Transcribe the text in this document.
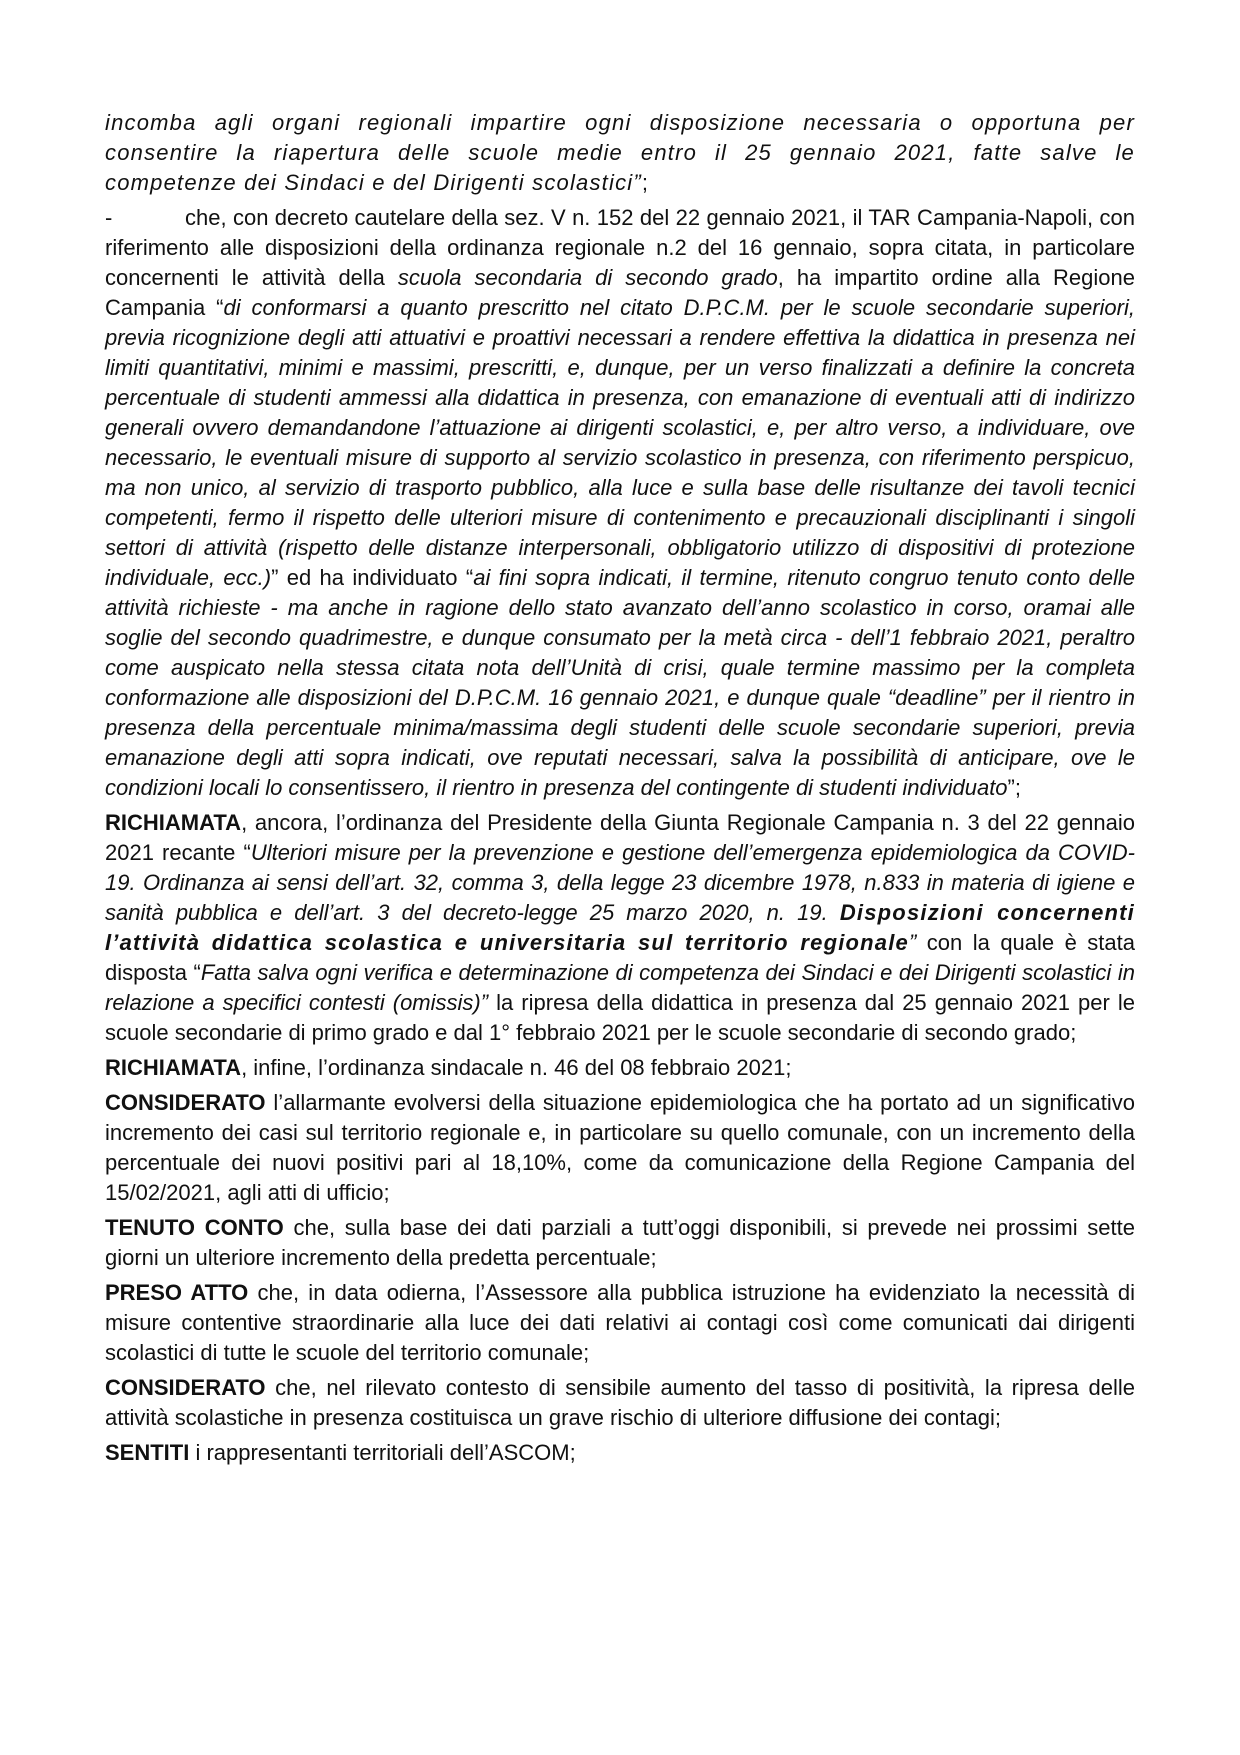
incomba agli organi regionali impartire ogni disposizione necessaria o opportuna per consentire la riapertura delle scuole medie entro il 25 gennaio 2021, fatte salve le competenze dei Sindaci e del Dirigenti scolastici”;

-	che, con decreto cautelare della sez. V n. 152 del 22 gennaio 2021, il TAR Campania-Napoli, con riferimento alle disposizioni della ordinanza regionale n.2 del 16 gennaio, sopra citata, in particolare concernenti le attività della scuola secondaria di secondo grado, ha impartito ordine alla Regione Campania “di conformarsi a quanto prescritto nel citato D.P.C.M. per le scuole secondarie superiori, previa ricognizione degli atti attuativi e proattivi necessari a rendere effettiva la didattica in presenza nei limiti quantitativi, minimi e massimi, prescritti, e, dunque, per un verso finalizzati a definire la concreta percentuale di studenti ammessi alla didattica in presenza, con emanazione di eventuali atti di indirizzo generali ovvero demandandone l’attuazione ai dirigenti scolastici, e, per altro verso, a individuare, ove necessario, le eventuali misure di supporto al servizio scolastico in presenza, con riferimento perspicuo, ma non unico, al servizio di trasporto pubblico, alla luce e sulla base delle risultanze dei tavoli tecnici competenti, fermo il rispetto delle ulteriori misure di contenimento e precauzionali disciplinanti i singoli settori di attività (rispetto delle distanze interpersonali, obbligatorio utilizzo di dispositivi di protezione individuale, ecc.)” ed ha individuato “ai fini sopra indicati, il termine, ritenuto congruo tenuto conto delle attività richieste - ma anche in ragione dello stato avanzato dell’anno scolastico in corso, oramai alle soglie del secondo quadrimestre, e dunque consumato per la metà circa - dell’1 febbraio 2021, peraltro come auspicato nella stessa citata nota dell’Unità di crisi, quale termine massimo per la completa conformazione alle disposizioni del D.P.C.M. 16 gennaio 2021, e dunque quale “deadline” per il rientro in presenza della percentuale minima/massima degli studenti delle scuole secondarie superiori, previa emanazione degli atti sopra indicati, ove reputati necessari, salva la possibilità di anticipare, ove le condizioni locali lo consentissero, il rientro in presenza del contingente di studenti individuato”;

RICHIAMATA, ancora, l’ordinanza del Presidente della Giunta Regionale Campania n. 3 del 22 gennaio 2021 recante “Ulteriori misure per la prevenzione e gestione dell’emergenza epidemiologica da COVID-19. Ordinanza ai sensi dell’art. 32, comma 3, della legge 23 dicembre 1978, n.833 in materia di igiene e sanità pubblica e dell’art. 3 del decreto-legge 25 marzo 2020, n. 19. Disposizioni concernenti l’attività didattica scolastica e universitaria sul territorio regionale” con la quale è stata disposta “Fatta salva ogni verifica e determinazione di competenza dei Sindaci e dei Dirigenti scolastici in relazione a specifici contesti (omissis)” la ripresa della didattica in presenza dal 25 gennaio 2021 per le scuole secondarie di primo grado e dal 1° febbraio 2021 per le scuole secondarie di secondo grado;

RICHIAMATA, infine, l’ordinanza sindacale n. 46 del 08 febbraio 2021;

CONSIDERATO l’allarmante evolversi della situazione epidemiologica che ha portato ad un significativo incremento dei casi sul territorio regionale e, in particolare su quello comunale, con un incremento della percentuale dei nuovi positivi pari al 18,10%, come da comunicazione della Regione Campania del 15/02/2021, agli atti di ufficio;

TENUTO CONTO che, sulla base dei dati parziali a tutt’oggi disponibili, si prevede nei prossimi sette giorni un ulteriore incremento della predetta percentuale;

PRESO ATTO che, in data odierna, l’Assessore alla pubblica istruzione ha evidenziato la necessità di misure contentive straordinarie alla luce dei dati relativi ai contagi così come comunicati dai dirigenti scolastici di tutte le scuole del territorio comunale;

CONSIDERATO che, nel rilevato contesto di sensibile aumento del tasso di positività, la ripresa delle attività scolastiche in presenza costituisca un grave rischio di ulteriore diffusione dei contagi;

SENTITI i rappresentanti territoriali dell’ASCOM;
